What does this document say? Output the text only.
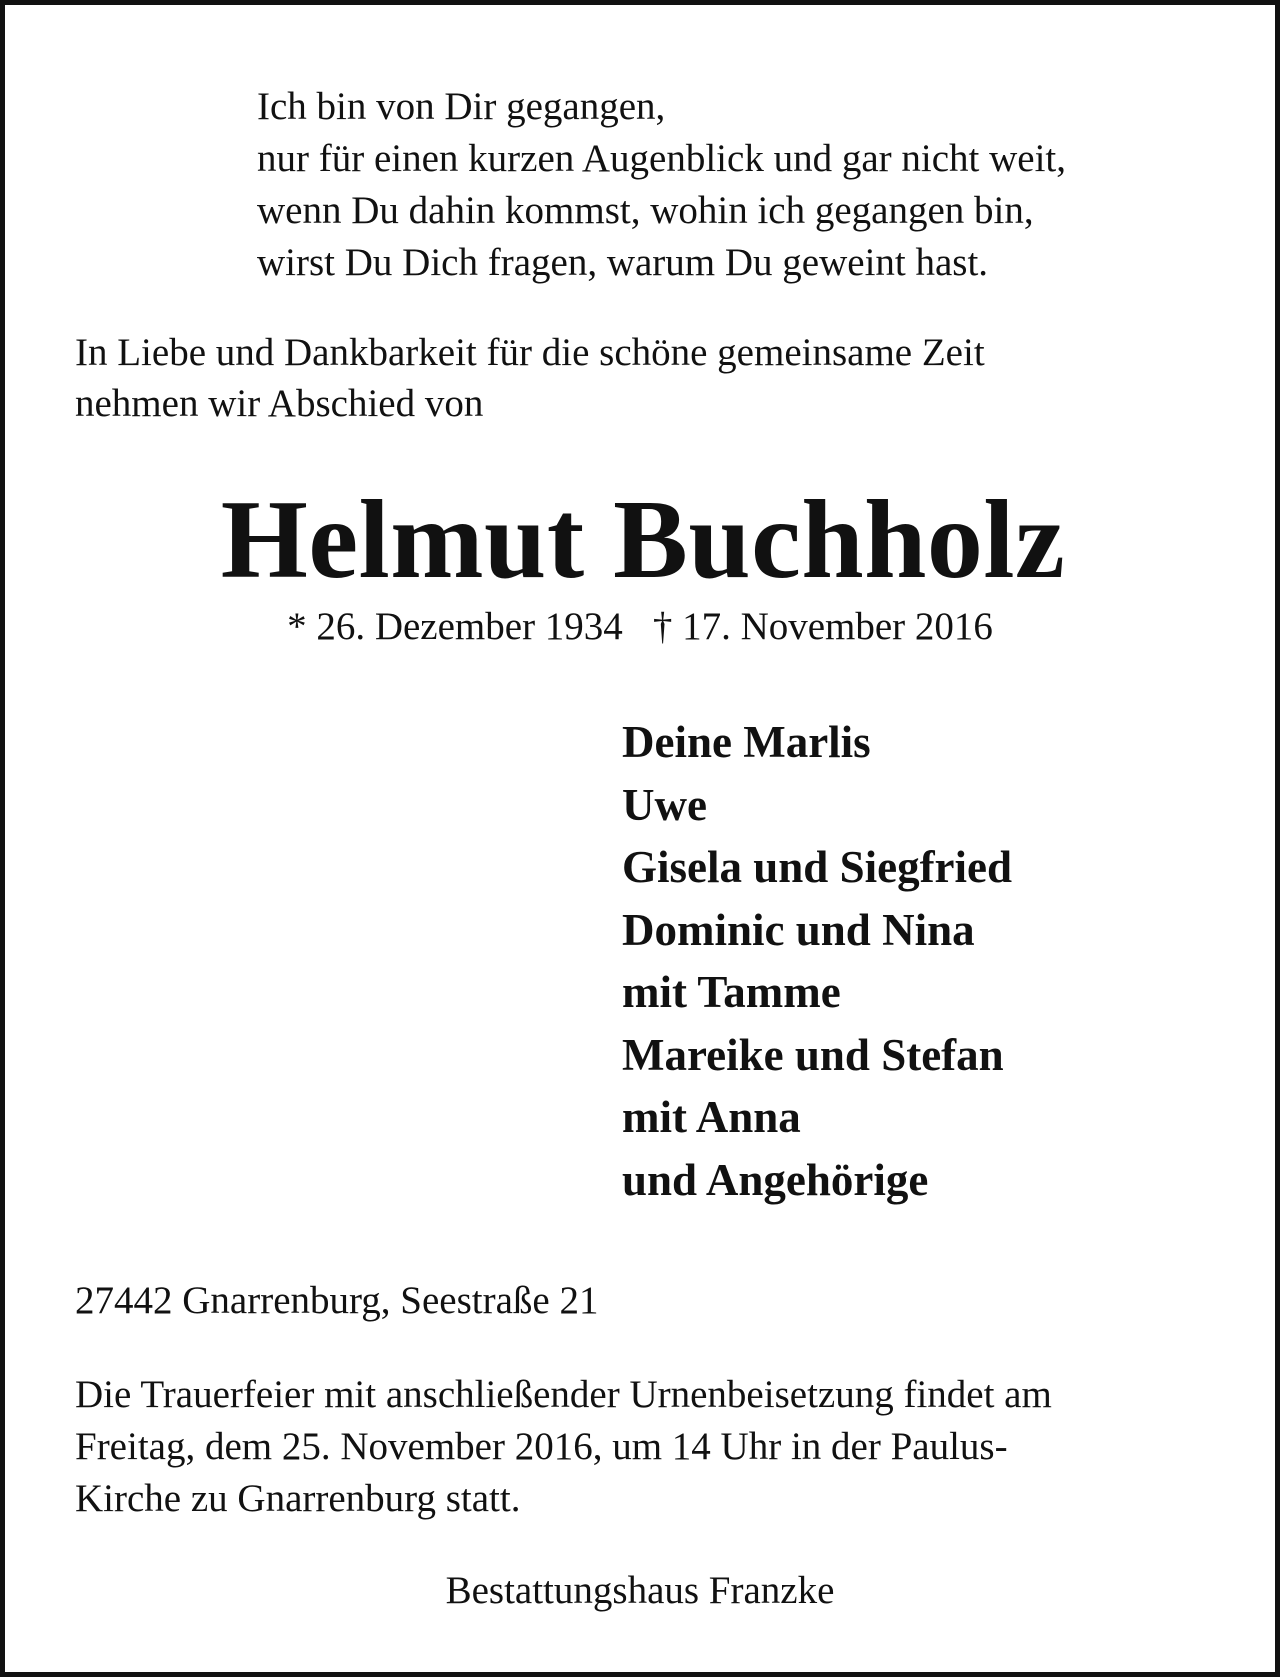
Ich bin von Dir gegangen,
nur für einen kurzen Augenblick und gar nicht weit,
wenn Du dahin kommst, wohin ich gegangen bin,
wirst Du Dich fragen, warum Du geweint hast.
In Liebe und Dankbarkeit für die schöne gemeinsame Zeit
nehmen wir Abschied von
Helmut Buchholz
* 26. Dezember 1934 † 17. November 2016
Deine Marlis
Uwe
Gisela und Siegfried
Dominic und Nina
mit Tamme
Mareike und Stefan
mit Anna
und Angehörige
27442 Gnarrenburg, Seestraße 21
Die Trauerfeier mit anschließender Urnenbeisetzung findet am
Freitag, dem 25. November 2016, um 14 Uhr in der Paulus-
Kirche zu Gnarrenburg statt.
Bestattungshaus Franzke
